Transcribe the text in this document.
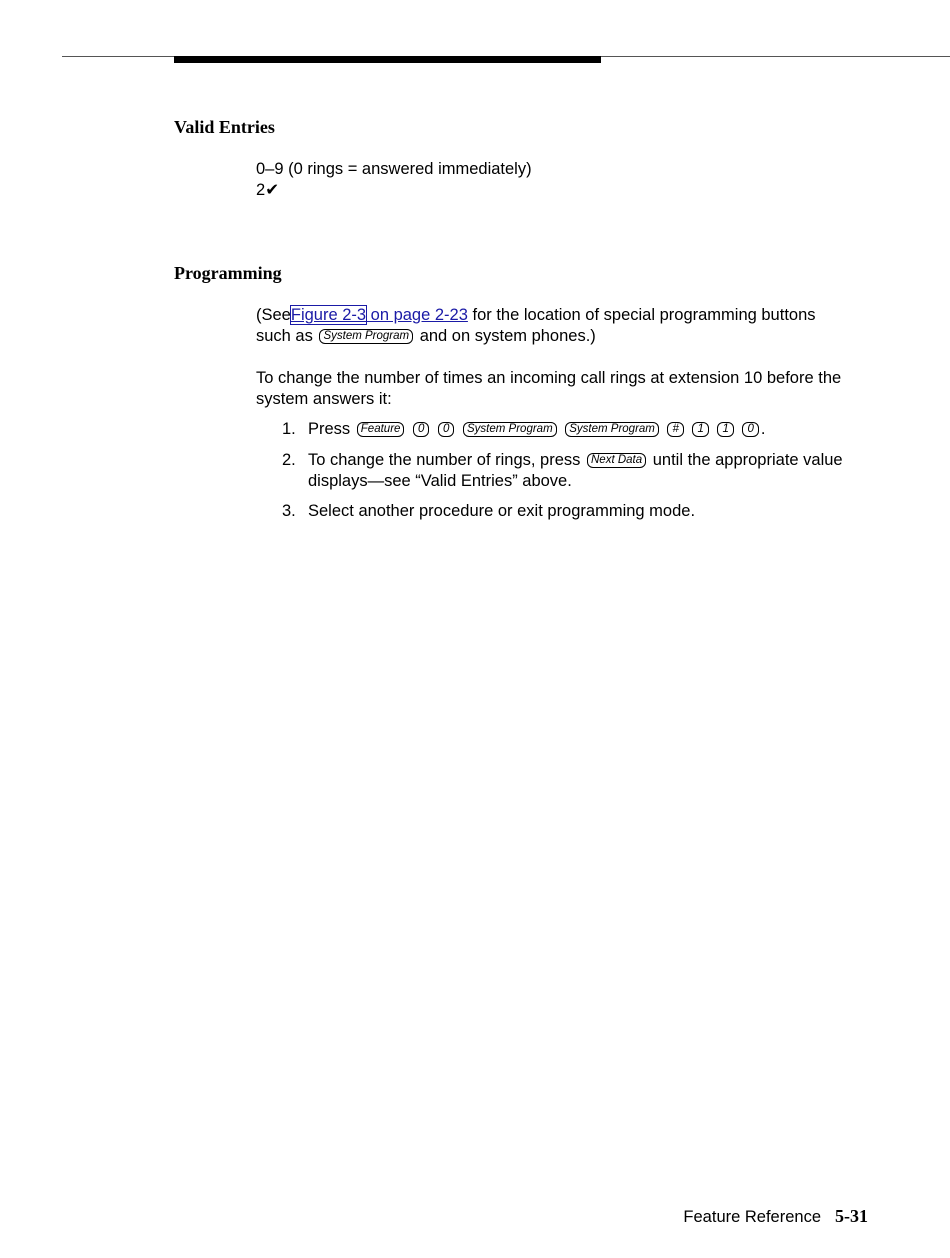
Valid Entries
0–9 (0 rings = answered immediately)
2✔
Programming
(SeeFigure 2-3 on page 2-23 for the location of special programming buttons
such as System Program and on system phones.)
To change the number of times an incoming call rings at extension 10 before the
system answers it:
1. Press Feature 0 0 System Program System Program # 1 1 0 .
2. To change the number of rings, press Next Data until the appropriate value
displays—see “Valid Entries” above.
3. Select another procedure or exit programming mode.
Feature Reference 5-31
